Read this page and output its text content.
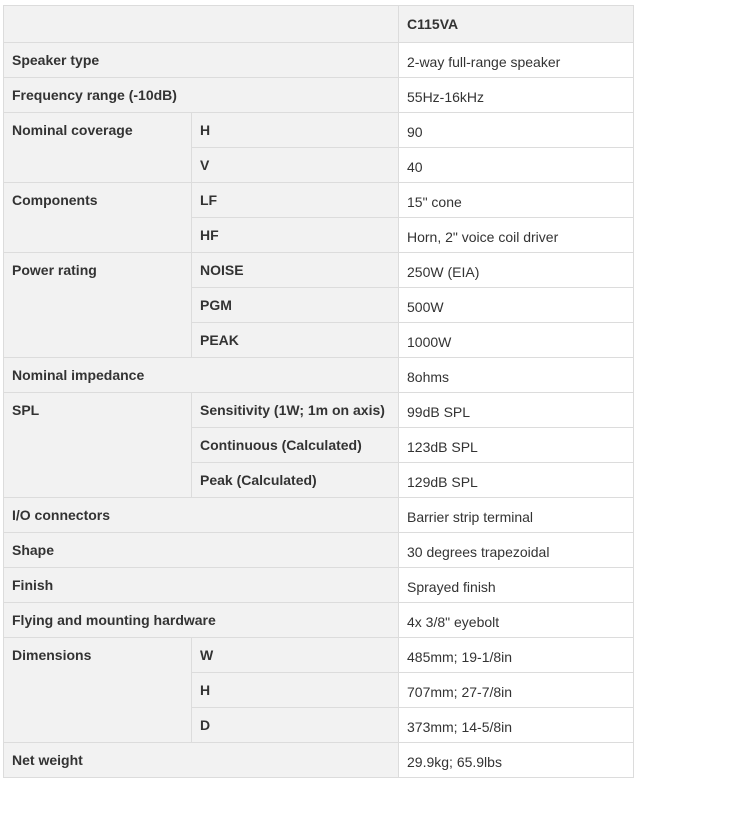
		C115VA
Speaker type		2-way full-range speaker
Frequency range (-10dB)		55Hz-16kHz
Nominal coverage	H	90
	V	40
Components	LF	15" cone
	HF	Horn, 2" voice coil driver
Power rating	NOISE	250W (EIA)
	PGM	500W
	PEAK	1000W
Nominal impedance		8ohms
SPL	Sensitivity (1W; 1m on axis)	99dB SPL
	Continuous (Calculated)	123dB SPL
	Peak (Calculated)	129dB SPL
I/O connectors		Barrier strip terminal
Shape		30 degrees trapezoidal
Finish		Sprayed finish
Flying and mounting hardware		4x 3/8" eyebolt
Dimensions	W	485mm; 19-1/8in
	H	707mm; 27-7/8in
	D	373mm; 14-5/8in
Net weight		29.9kg; 65.9lbs
